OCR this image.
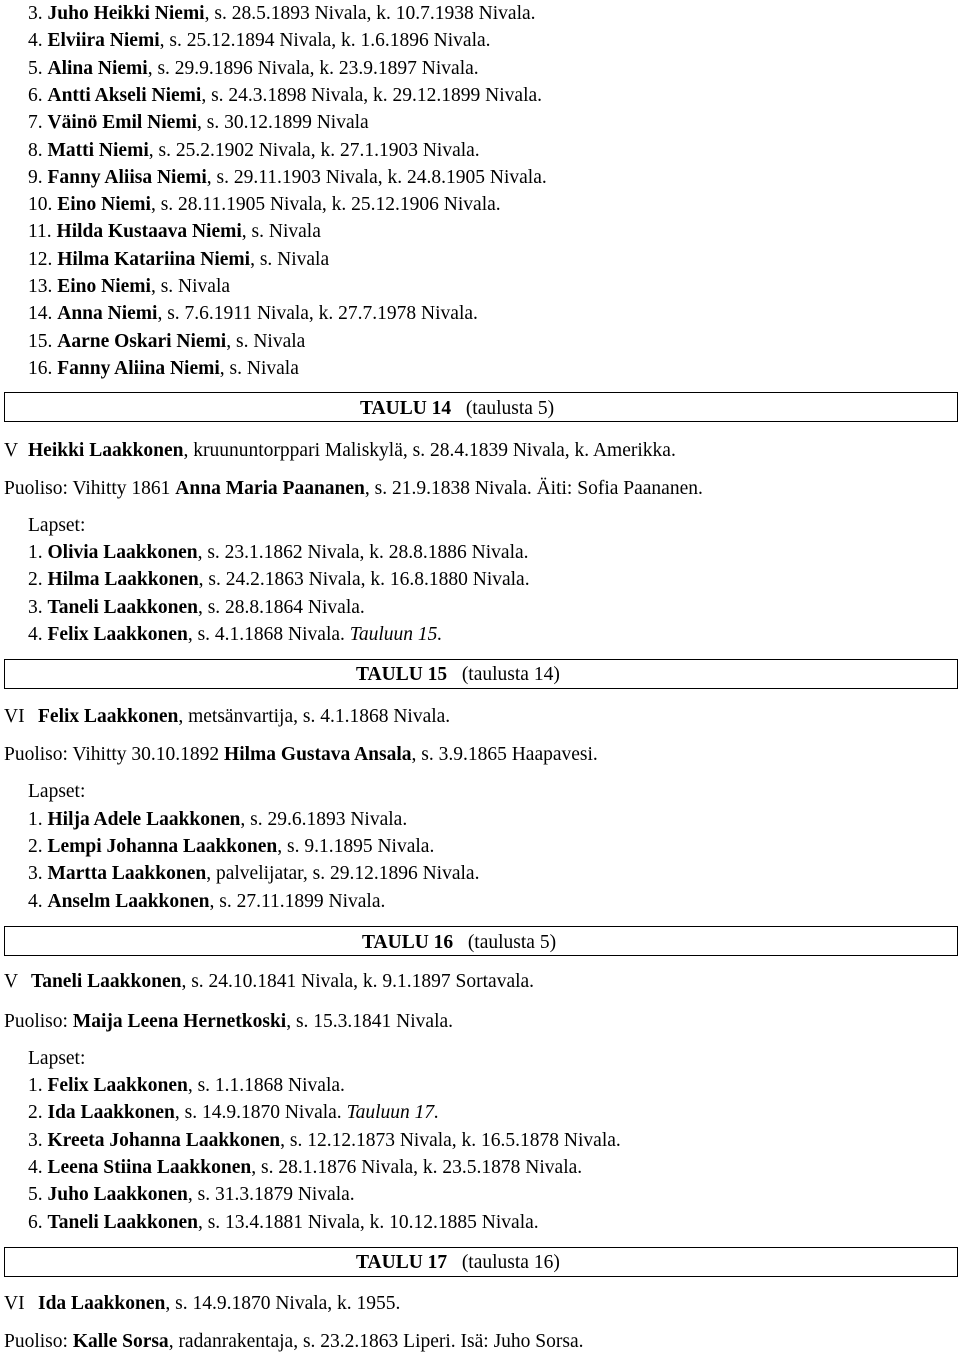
3. Juho Heikki Niemi, s. 28.5.1893 Nivala, k. 10.7.1938 Nivala.
4. Elviira Niemi, s. 25.12.1894 Nivala, k. 1.6.1896 Nivala.
5. Alina Niemi, s. 29.9.1896 Nivala, k. 23.9.1897 Nivala.
6. Antti Akseli Niemi, s. 24.3.1898 Nivala, k. 29.12.1899 Nivala.
7. Väinö Emil Niemi, s. 30.12.1899 Nivala
8. Matti Niemi, s. 25.2.1902 Nivala, k. 27.1.1903 Nivala.
9. Fanny Aliisa Niemi, s. 29.11.1903 Nivala, k. 24.8.1905 Nivala.
10. Eino Niemi, s. 28.11.1905 Nivala, k. 25.12.1906 Nivala.
11. Hilda Kustaava Niemi, s. Nivala
12. Hilma Katariina Niemi, s. Nivala
13. Eino Niemi, s. Nivala
14. Anna Niemi, s. 7.6.1911 Nivala, k. 27.7.1978 Nivala.
15. Aarne Oskari Niemi, s. Nivala
16. Fanny Aliina Niemi, s. Nivala
TAULU 14 (taulusta 5)
V Heikki Laakkonen, kruununtorppari Maliskylä, s. 28.4.1839 Nivala, k. Amerikka.
Puoliso: Vihitty 1861 Anna Maria Paananen, s. 21.9.1838 Nivala. Äiti: Sofia Paananen.
Lapset:
1. Olivia Laakkonen, s. 23.1.1862 Nivala, k. 28.8.1886 Nivala.
2. Hilma Laakkonen, s. 24.2.1863 Nivala, k. 16.8.1880 Nivala.
3. Taneli Laakkonen, s. 28.8.1864 Nivala.
4. Felix Laakkonen, s. 4.1.1868 Nivala. Tauluun 15.
TAULU 15 (taulusta 14)
VI Felix Laakkonen, metsänvartija, s. 4.1.1868 Nivala.
Puoliso: Vihitty 30.10.1892 Hilma Gustava Ansala, s. 3.9.1865 Haapavesi.
Lapset:
1. Hilja Adele Laakkonen, s. 29.6.1893 Nivala.
2. Lempi Johanna Laakkonen, s. 9.1.1895 Nivala.
3. Martta Laakkonen, palvelijatar, s. 29.12.1896 Nivala.
4. Anselm Laakkonen, s. 27.11.1899 Nivala.
TAULU 16 (taulusta 5)
V Taneli Laakkonen, s. 24.10.1841 Nivala, k. 9.1.1897 Sortavala.
Puoliso: Maija Leena Hernetkoski, s. 15.3.1841 Nivala.
Lapset:
1. Felix Laakkonen, s. 1.1.1868 Nivala.
2. Ida Laakkonen, s. 14.9.1870 Nivala. Tauluun 17.
3. Kreeta Johanna Laakkonen, s. 12.12.1873 Nivala, k. 16.5.1878 Nivala.
4. Leena Stiina Laakkonen, s. 28.1.1876 Nivala, k. 23.5.1878 Nivala.
5. Juho Laakkonen, s. 31.3.1879 Nivala.
6. Taneli Laakkonen, s. 13.4.1881 Nivala, k. 10.12.1885 Nivala.
TAULU 17 (taulusta 16)
VI Ida Laakkonen, s. 14.9.1870 Nivala, k. 1955.
Puoliso: Kalle Sorsa, radanrakentaja, s. 23.2.1863 Liperi. Isä: Juho Sorsa.
